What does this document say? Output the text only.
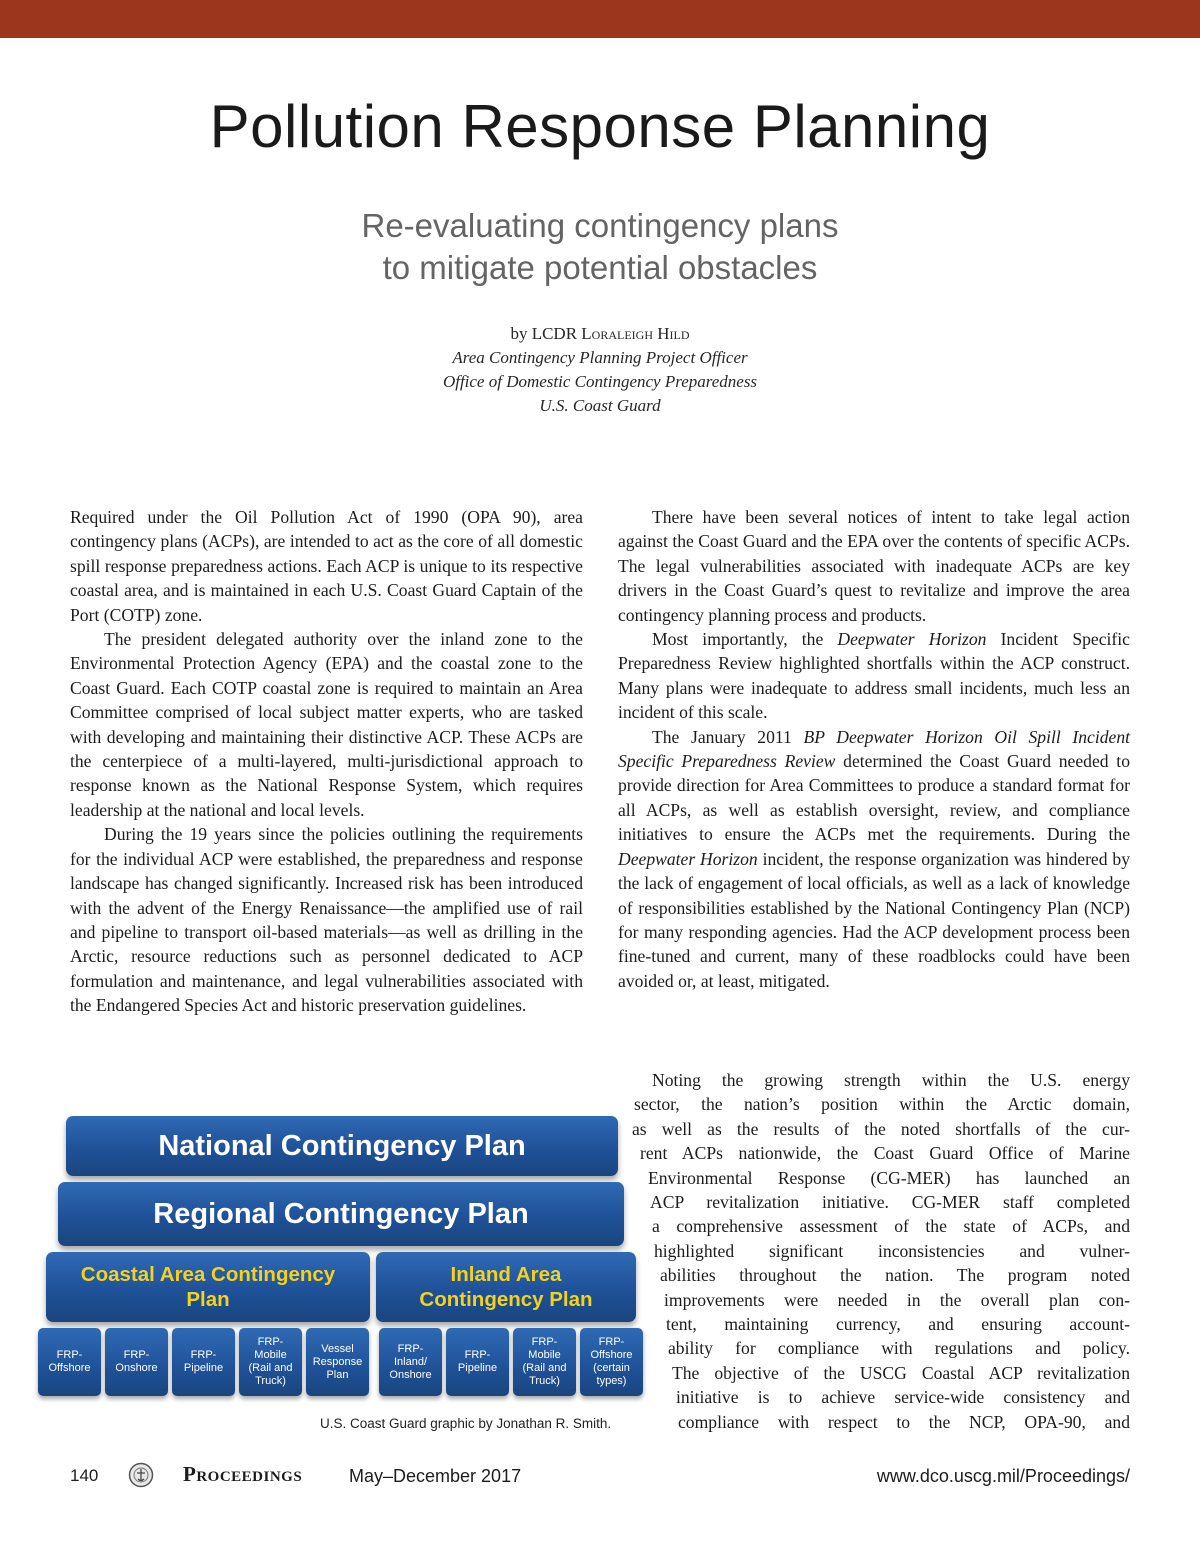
Pollution Response Planning
Re-evaluating contingency plans
to mitigate potential obstacles
by LCDR Loraleigh Hild
Area Contingency Planning Project Officer
Office of Domestic Contingency Preparedness
U.S. Coast Guard

Required under the Oil Pollution Act of 1990 (OPA 90), area contingency plans (ACPs), are intended to act as the core of all domestic spill response preparedness actions. Each ACP is unique to its respective coastal area, and is maintained in each U.S. Coast Guard Captain of the Port (COTP) zone.

The president delegated authority over the inland zone to the Environmental Protection Agency (EPA) and the coastal zone to the Coast Guard. Each COTP coastal zone is required to maintain an Area Committee comprised of local subject matter experts, who are tasked with developing and maintaining their distinctive ACP. These ACPs are the centerpiece of a multi-layered, multi-jurisdictional approach to response known as the National Response System, which requires leadership at the national and local levels.

During the 19 years since the policies outlining the requirements for the individual ACP were established, the preparedness and response landscape has changed significantly. Increased risk has been introduced with the advent of the Energy Renaissance—the amplified use of rail and pipeline to transport oil-based materials—as well as drilling in the Arctic, resource reductions such as personnel dedicated to ACP formulation and maintenance, and legal vulnerabilities associated with the Endangered Species Act and historic preservation guidelines.

There have been several notices of intent to take legal action against the Coast Guard and the EPA over the contents of specific ACPs. The legal vulnerabilities associated with inadequate ACPs are key drivers in the Coast Guard’s quest to revitalize and improve the area contingency planning process and products.

Most importantly, the Deepwater Horizon Incident Specific Preparedness Review highlighted shortfalls within the ACP construct. Many plans were inadequate to address small incidents, much less an incident of this scale.

The January 2011 BP Deepwater Horizon Oil Spill Incident Specific Preparedness Review determined the Coast Guard needed to provide direction for Area Committees to produce a standard format for all ACPs, as well as establish oversight, review, and compliance initiatives to ensure the ACPs met the requirements. During the Deepwater Horizon incident, the response organization was hindered by the lack of engagement of local officials, as well as a lack of knowledge of responsibilities established by the National Contingency Plan (NCP) for many responding agencies. Had the ACP development process been fine-tuned and current, many of these roadblocks could have been avoided or, at least, mitigated.

Noting the growing strength within the U.S. energy
sector, the nation’s position within the Arctic domain,
as well as the results of the noted shortfalls of the cur-
rent ACPs nationwide, the Coast Guard Office of Marine
Environmental Response (CG-MER) has launched an
ACP revitalization initiative. CG-MER staff completed
a comprehensive assessment of the state of ACPs, and
highlighted significant inconsistencies and vulner-
abilities throughout the nation. The program noted
improvements were needed in the overall plan con-
tent, maintaining currency, and ensuring account-
ability for compliance with regulations and policy.
The objective of the USCG Coastal ACP revitalization
initiative is to achieve service-wide consistency and
compliance with respect to the NCP, OPA-90, and
National Contingency Plan
Regional Contingency Plan
Coastal Area Contingency
Plan
Inland Area
Contingency Plan
FRP-
Offshore
FRP-
Onshore
FRP-
Pipeline
FRP-
Mobile
(Rail and
Truck)
Vessel
Response
Plan
FRP-
Inland/
Onshore
FRP-
Pipeline
FRP-
Mobile
(Rail and
Truck)
FRP-
Offshore
(certain
types)
U.S. Coast Guard graphic by Jonathan R. Smith.
140	Proceedings	May–December 2017	www.dco.uscg.mil/Proceedings/
